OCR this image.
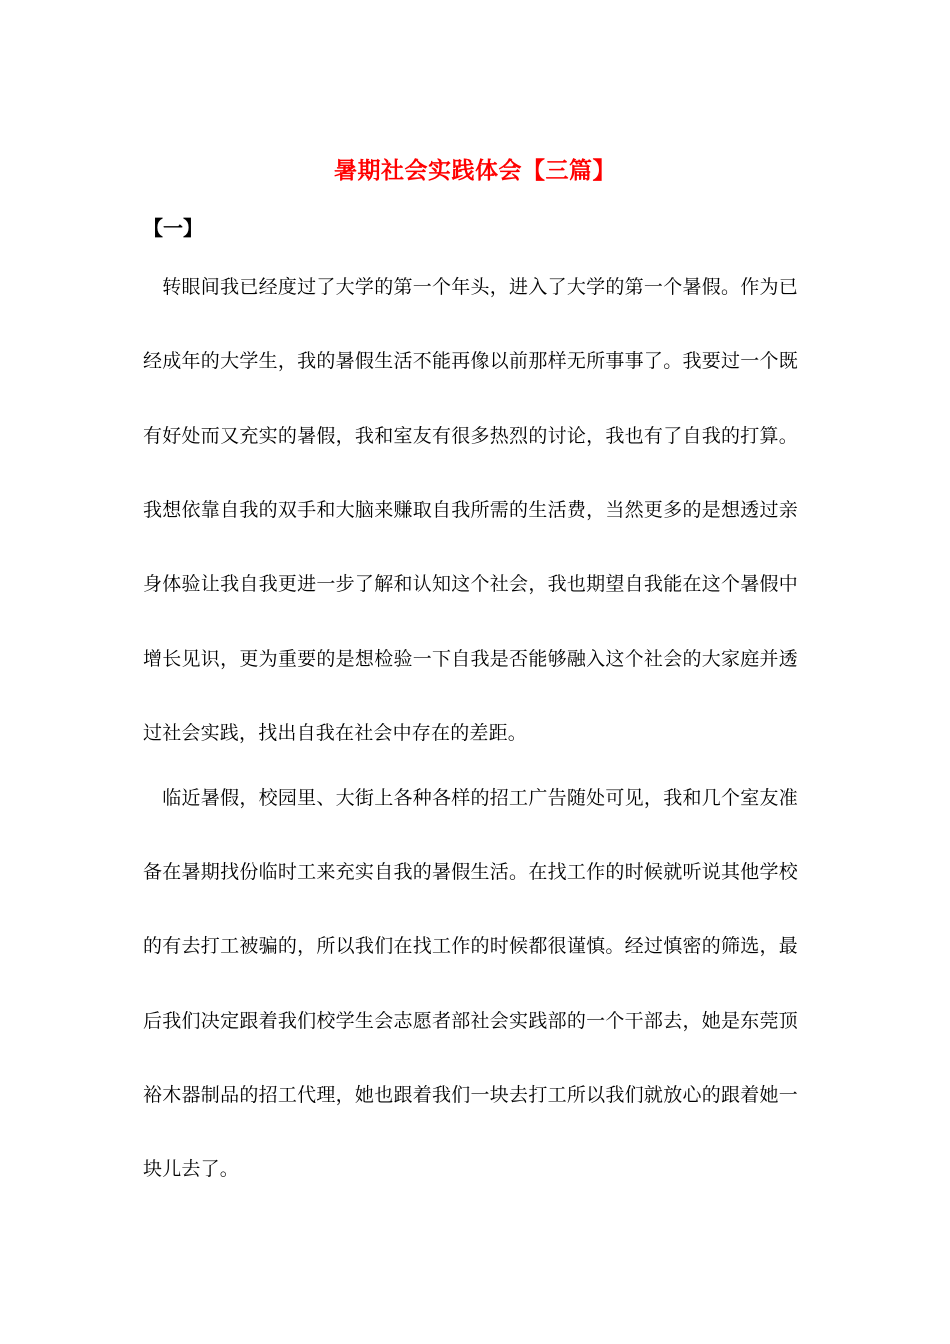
暑期社会实践体会【三篇】
【一】
　转眼间我已经度过了大学的第一个年头，进入了大学的第一个暑假。作为已
经成年的大学生，我的暑假生活不能再像以前那样无所事事了。我要过一个既
有好处而又充实的暑假，我和室友有很多热烈的讨论，我也有了自我的打算。
我想依靠自我的双手和大脑来赚取自我所需的生活费，当然更多的是想透过亲
身体验让我自我更进一步了解和认知这个社会，我也期望自我能在这个暑假中
增长见识，更为重要的是想检验一下自我是否能够融入这个社会的大家庭并透
过社会实践，找出自我在社会中存在的差距。
　临近暑假，校园里、大街上各种各样的招工广告随处可见，我和几个室友准
备在暑期找份临时工来充实自我的暑假生活。在找工作的时候就听说其他学校
的有去打工被骗的，所以我们在找工作的时候都很谨慎。经过慎密的筛选，最
后我们决定跟着我们校学生会志愿者部社会实践部的一个干部去，她是东莞顶
裕木器制品的招工代理，她也跟着我们一块去打工所以我们就放心的跟着她一
块儿去了。
